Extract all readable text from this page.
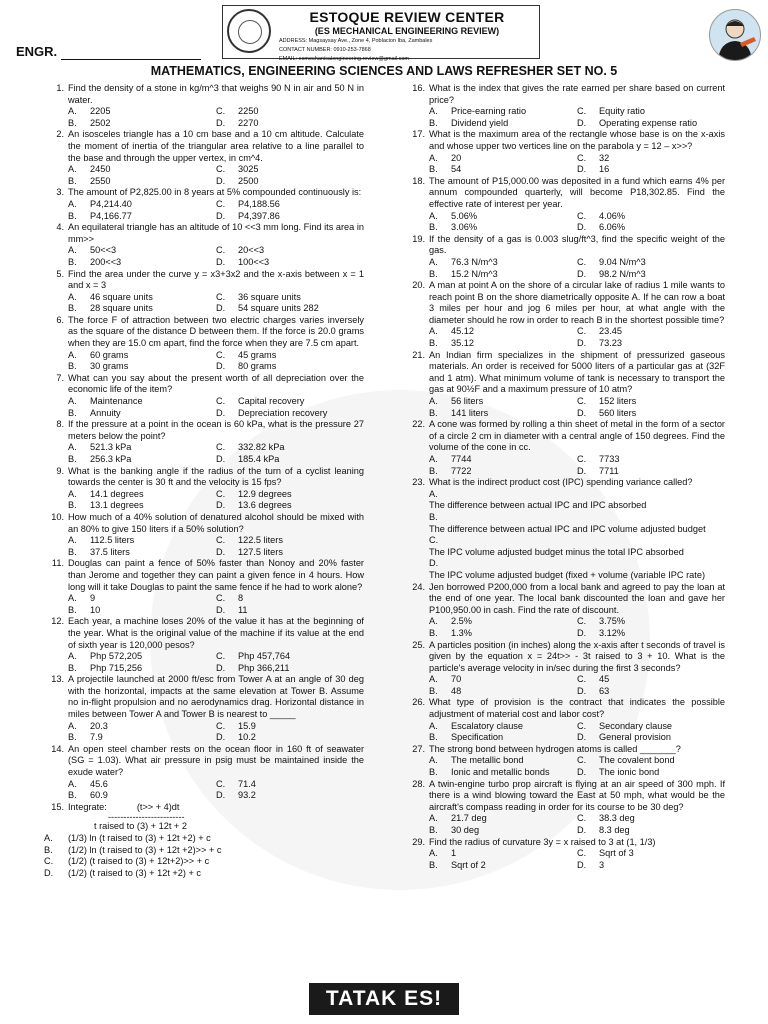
ESTOQUE REVIEW CENTER
(ES MECHANICAL ENGINEERING REVIEW)
ADDRESS: Magsaysay Ave., Zone 4, Poblacion Iba, Zambales
CONTACT NUMBER: 0910-253-7868
EMAIL: esmechanicalengineering.review@gmail.com
ENGR.
MATHEMATICS, ENGINEERING SCIENCES AND LAWS REFRESHER SET NO. 5
1. Find the density of a stone in kg/m^3 that weighs 90 N in air and 50 N in water.
A. 2205	C. 2250
B. 2502	D. 2270
2. An isosceles triangle has a 10 cm base and a 10 cm altitude. Calculate the moment of inertia of the triangular area relative to a line parallel to the base and through the upper vertex, in cm^4.
A. 2450	C. 3025
B. 2550	D. 2500
3. The amount of P2,825.00 in 8 years at 5% compounded continuously is:
A. P4,214.40	C. P4,188.56
B. P4,166.77	D. P4,397.86
4. An equilateral triangle has an altitude of 10 <<3 mm long. Find its area in mm>>
A. 50<<3	C. 20<<3
B. 200<<3	D. 100<<3
5. Find the area under the curve y = x3+3x2 and the x-axis between x = 1 and x = 3
A. 46 square units	C. 36 square units
B. 28 square units	D. 54 square units 282
6. The force F of attraction between two electric charges varies inversely as the square of the distance D between them. If the force is 20.0 grams when they are 15.0 cm apart, find the force when they are 7.5 cm apart.
A. 60 grams	C. 45 grams
B. 30 grams	D. 80 grams
7. What can you say about the present worth of all depreciation over the economic life of the item?
A. Maintenance	C. Capital recovery
B. Annuity	D. Depreciation recovery
8. If the pressure at a point in the ocean is 60 kPa, what is the pressure 27 meters below the point?
A. 521.3 kPa	C. 332.82 kPa
B. 256.3 kPa	D. 185.4 kPa
9. What is the banking angle if the radius of the turn of a cyclist leaning towards the center is 30 ft and the velocity is 15 fps?
A. 14.1 degrees	C. 12.9 degrees
B. 13.1 degrees	D. 13.6 degrees
10. How much of a 40% solution of denatured alcohol should be mixed with an 80% to give 150 liters if a 50% solution?
A. 112.5 liters	C. 122.5 liters
B. 37.5 liters	D. 127.5 liters
11. Douglas can paint a fence of 50% faster than Nonoy and 20% faster than Jerome and together they can paint a given fence in 4 hours. How long will it take Douglas to paint the same fence if he had to work alone?
A. 9	C. 8
B. 10	D. 11
12. Each year, a machine loses 20% of the value it has at the beginning of the year. What is the original value of the machine if its value at the end of sixth year is 120,000 pesos?
A. Php 572,205	C. Php 457,764
B. Php 715,256	D. Php 366,211
13. A projectile launched at 2000 ft/esc from Tower A at an angle of 30 deg with the horizontal, impacts at the same elevation at Tower B. Assume no in-flight propulsion and no aerodynamics drag. Horizontal distance in miles between Tower A and Tower B is nearest to _____
A. 20.3	C. 15.9
B. 7.9	D. 10.2
14. An open steel chamber rests on the ocean floor in 160 ft of seawater (SG = 1.03). What air pressure in psig must be maintained inside the exude water?
A. 45.6	C. 71.4
B. 60.9	D. 93.2
15. Integrate:	(t>> + 4)dt
-------------------------
t raised to (3) + 12t + 2
A. (1/3) ln (t raised to (3) + 12t +2) + c
B. (1/2) ln (t raised to (3) + 12t +2)>> + c
C. (1/2) (t raised to (3) + 12t+2)>> + c
D. (1/2) (t raised to (3) + 12t +2) + c
16. What is the index that gives the rate earned per share based on current price?
A. Price-earning ratio	C. Equity ratio
B. Dividend yield	D. Operating expense ratio
17. What is the maximum area of the rectangle whose base is on the x-axis and whose upper two vertices line on the parabola y = 12 – x>>?
A. 20	C. 32
B. 54	D. 16
18. The amount of P15,000.00 was deposited in a fund which earns 4% per annum compounded quarterly, will become P18,302.85. Find the effective rate of interest per year.
A. 5.06%	C. 4.06%
B. 3.06%	D. 6.06%
19. If the density of a gas is 0.003 slug/ft^3, find the specific weight of the gas.
A. 76.3 N/m^3	C. 9.04 N/m^3
B. 15.2 N/m^3	D. 98.2 N/m^3
20. A man at point A on the shore of a circular lake of radius 1 mile wants to reach point B on the shore diametrically opposite A. If he can row a boat 3 miles per hour and jog 6 miles per hour, at what angle with the diameter should he row in order to reach B in the shortest possible time?
A. 45.12	C. 23.45
B. 35.12	D. 73.23
21. An Indian firm specializes in the shipment of pressurized gaseous materials. An order is received for 5000 liters of a particular gas at (32F and 1 atm). What minimum volume of tank is necessary to transport the gas at 90½F and a maximum pressure of 10 atm?
A. 56 liters	C. 152 liters
B. 141 liters	D. 560 liters
22. A cone was formed by rolling a thin sheet of metal in the form of a sector of a circle 2 cm in diameter with a central angle of 150 degrees. Find the volume of the cone in cc.
A. 7744	C. 7733
B. 7722	D. 7711
23. What is the indirect product cost (IPC) spending variance called?
A.The difference between actual IPC and IPC absorbed
B.The difference between actual IPC and IPC volume adjusted budget
C.The IPC volume adjusted budget minus the total IPC absorbed
D.The IPC volume adjusted budget (fixed + volume (variable IPC rate)
24. Jen borrowed P200,000 from a local bank and agreed to pay the loan at the end of one year. The local bank discounted the loan and gave her P100,950.00 in cash. Find the rate of discount.
A. 2.5%	C. 3.75%
B. 1.3%	D. 3.12%
25. A particles position (in inches) along the x-axis after t seconds of travel is given by the equation x = 24t>> - 3t raised to 3 + 10. What is the particle's average velocity in in/sec during the first 3 seconds?
A. 70	C. 45
B. 48	D. 63
26. What type of provision is the contract that indicates the possible adjustment of material cost and labor cost?
A. Escalatory clause	C. Secondary clause
B. Specification	D. General provision
27. The strong bond between hydrogen atoms is called _______?
A. The metallic bond	C. The covalent bond
B. Ionic and metallic bonds	D. The ionic bond
28. A twin-engine turbo prop aircraft is flying at an air speed of 300 mph. If there is a wind blowing toward the East at 50 mph, what would be the aircraft's compass reading in order for its course to be 30 deg?
A. 21.7 deg	C. 38.3 deg
B. 30 deg	D. 8.3 deg
29. Find the radius of curvature 3y = x raised to 3 at (1, 1/3)
A. 1	C. Sqrt of 3
B. Sqrt of 2	D. 3
TATAK ES!
